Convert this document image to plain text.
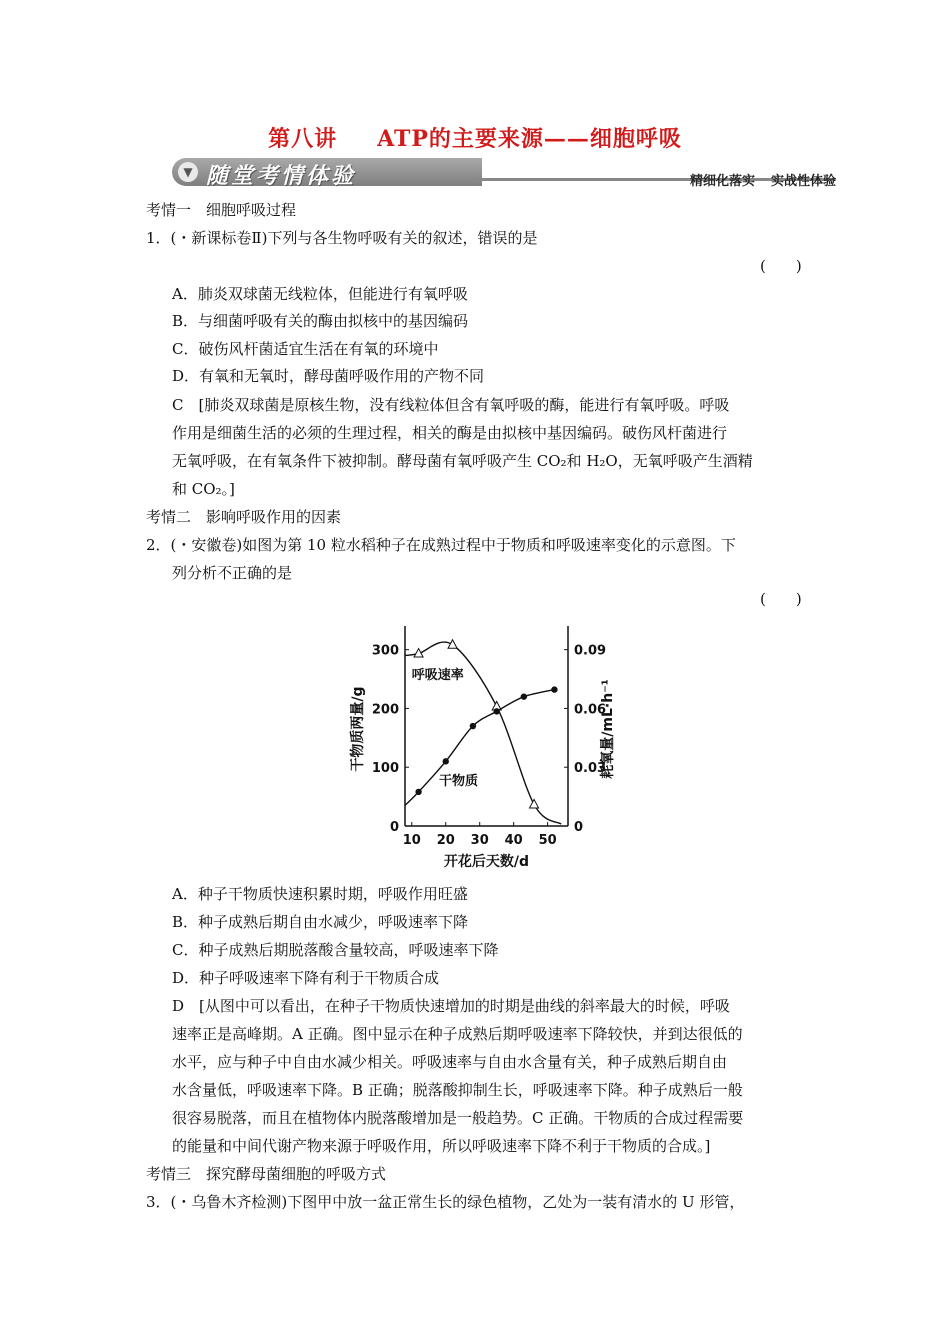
第八讲 ATP的主要来源——细胞呼吸
▼ 随堂考情体验	精细化落实 实战性体验
考情一　细胞呼吸过程
1．(・新课标卷Ⅱ)下列与各生物呼吸有关的叙述，错误的是
(　　)
A．肺炎双球菌无线粒体，但能进行有氧呼吸
B．与细菌呼吸有关的酶由拟核中的基因编码
C．破伤风杆菌适宜生活在有氧的环境中
D．有氧和无氧时，酵母菌呼吸作用的产物不同
C　[肺炎双球菌是原核生物，没有线粒体但含有氧呼吸的酶，能进行有氧呼吸。呼吸
作用是细菌生活的必须的生理过程，相关的酶是由拟核中基因编码。破伤风杆菌进行
无氧呼吸，在有氧条件下被抑制。酵母菌有氧呼吸产生 CO₂和 H₂O，无氧呼吸产生酒精
和 CO₂。]
考情二　影响呼吸作用的因素
2．(・安徽卷)如图为第 10 粒水稻种子在成熟过程中于物质和呼吸速率变化的示意图。下
列分析不正确的是
(　　)
10 20 30 40 50
0
100
200
300
0
0.03
0.06
0.09
开花后天数/d
干物质两量/g	耗氧量/mL·h⁻¹
呼吸速率
干物质
A．种子干物质快速积累时期，呼吸作用旺盛
B．种子成熟后期自由水减少，呼吸速率下降
C．种子成熟后期脱落酸含量较高，呼吸速率下降
D．种子呼吸速率下降有利于干物质合成
D　[从图中可以看出，在种子干物质快速增加的时期是曲线的斜率最大的时候，呼吸
速率正是高峰期。A 正确。图中显示在种子成熟后期呼吸速率下降较快，并到达很低的
水平，应与种子中自由水减少相关。呼吸速率与自由水含量有关，种子成熟后期自由
水含量低，呼吸速率下降。B 正确；脱落酸抑制生长，呼吸速率下降。种子成熟后一般
很容易脱落，而且在植物体内脱落酸增加是一般趋势。C 正确。干物质的合成过程需要
的能量和中间代谢产物来源于呼吸作用，所以呼吸速率下降不利于干物质的合成。]
考情三　探究酵母菌细胞的呼吸方式
3．(・乌鲁木齐检测)下图甲中放一盆正常生长的绿色植物，乙处为一装有清水的 U 形管，
